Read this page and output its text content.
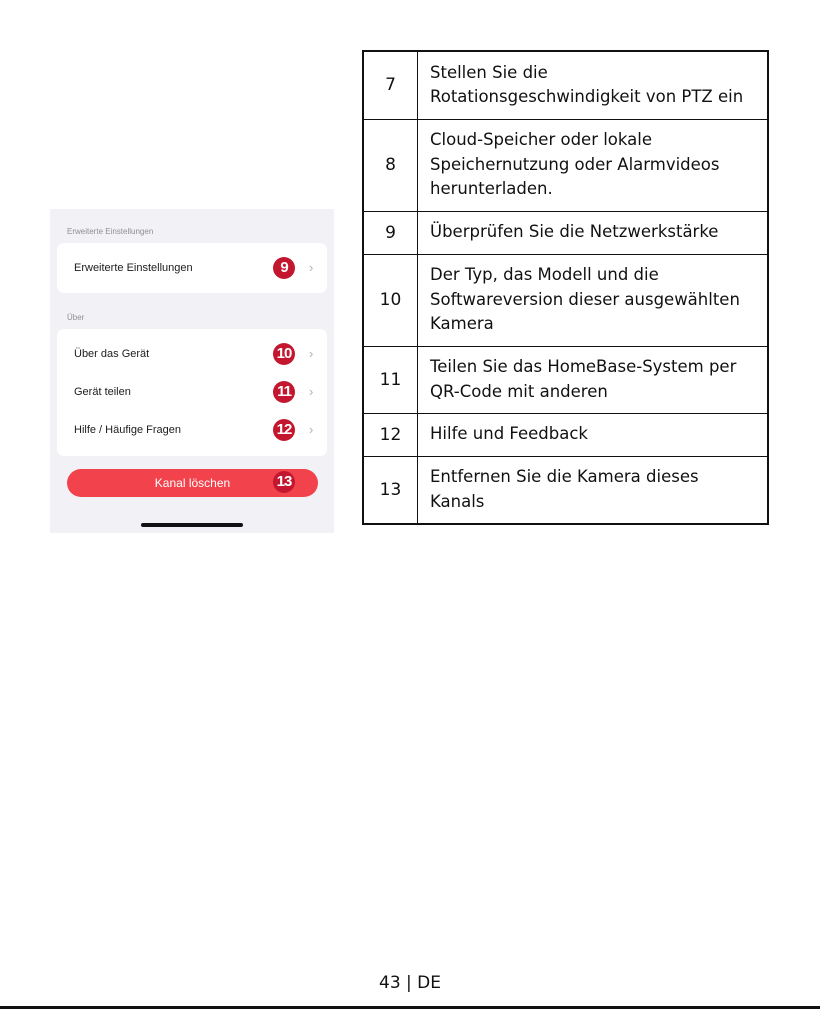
Erweiterte Einstellungen
Erweiterte Einstellungen	9	›
Über
Über das Gerät	10 ›
Gerät teilen	11	›
Hilfe / Häufige Fragen	12 ›
Kanal löschen	13
7	Stellen Sie die Rotationsgeschwindigkeit von PTZ ein
8	Cloud-Speicher oder lokale Speichernutzung oder Alarmvideos herunterladen.
9	Überprüfen Sie die Netzwerkstärke
10	Der Typ, das Modell und die Softwareversion dieser ausgewählten Kamera
11	Teilen Sie das HomeBase-System per QR-Code mit anderen
12	Hilfe und Feedback
13	Entfernen Sie die Kamera dieses Kanals
43 | DE
